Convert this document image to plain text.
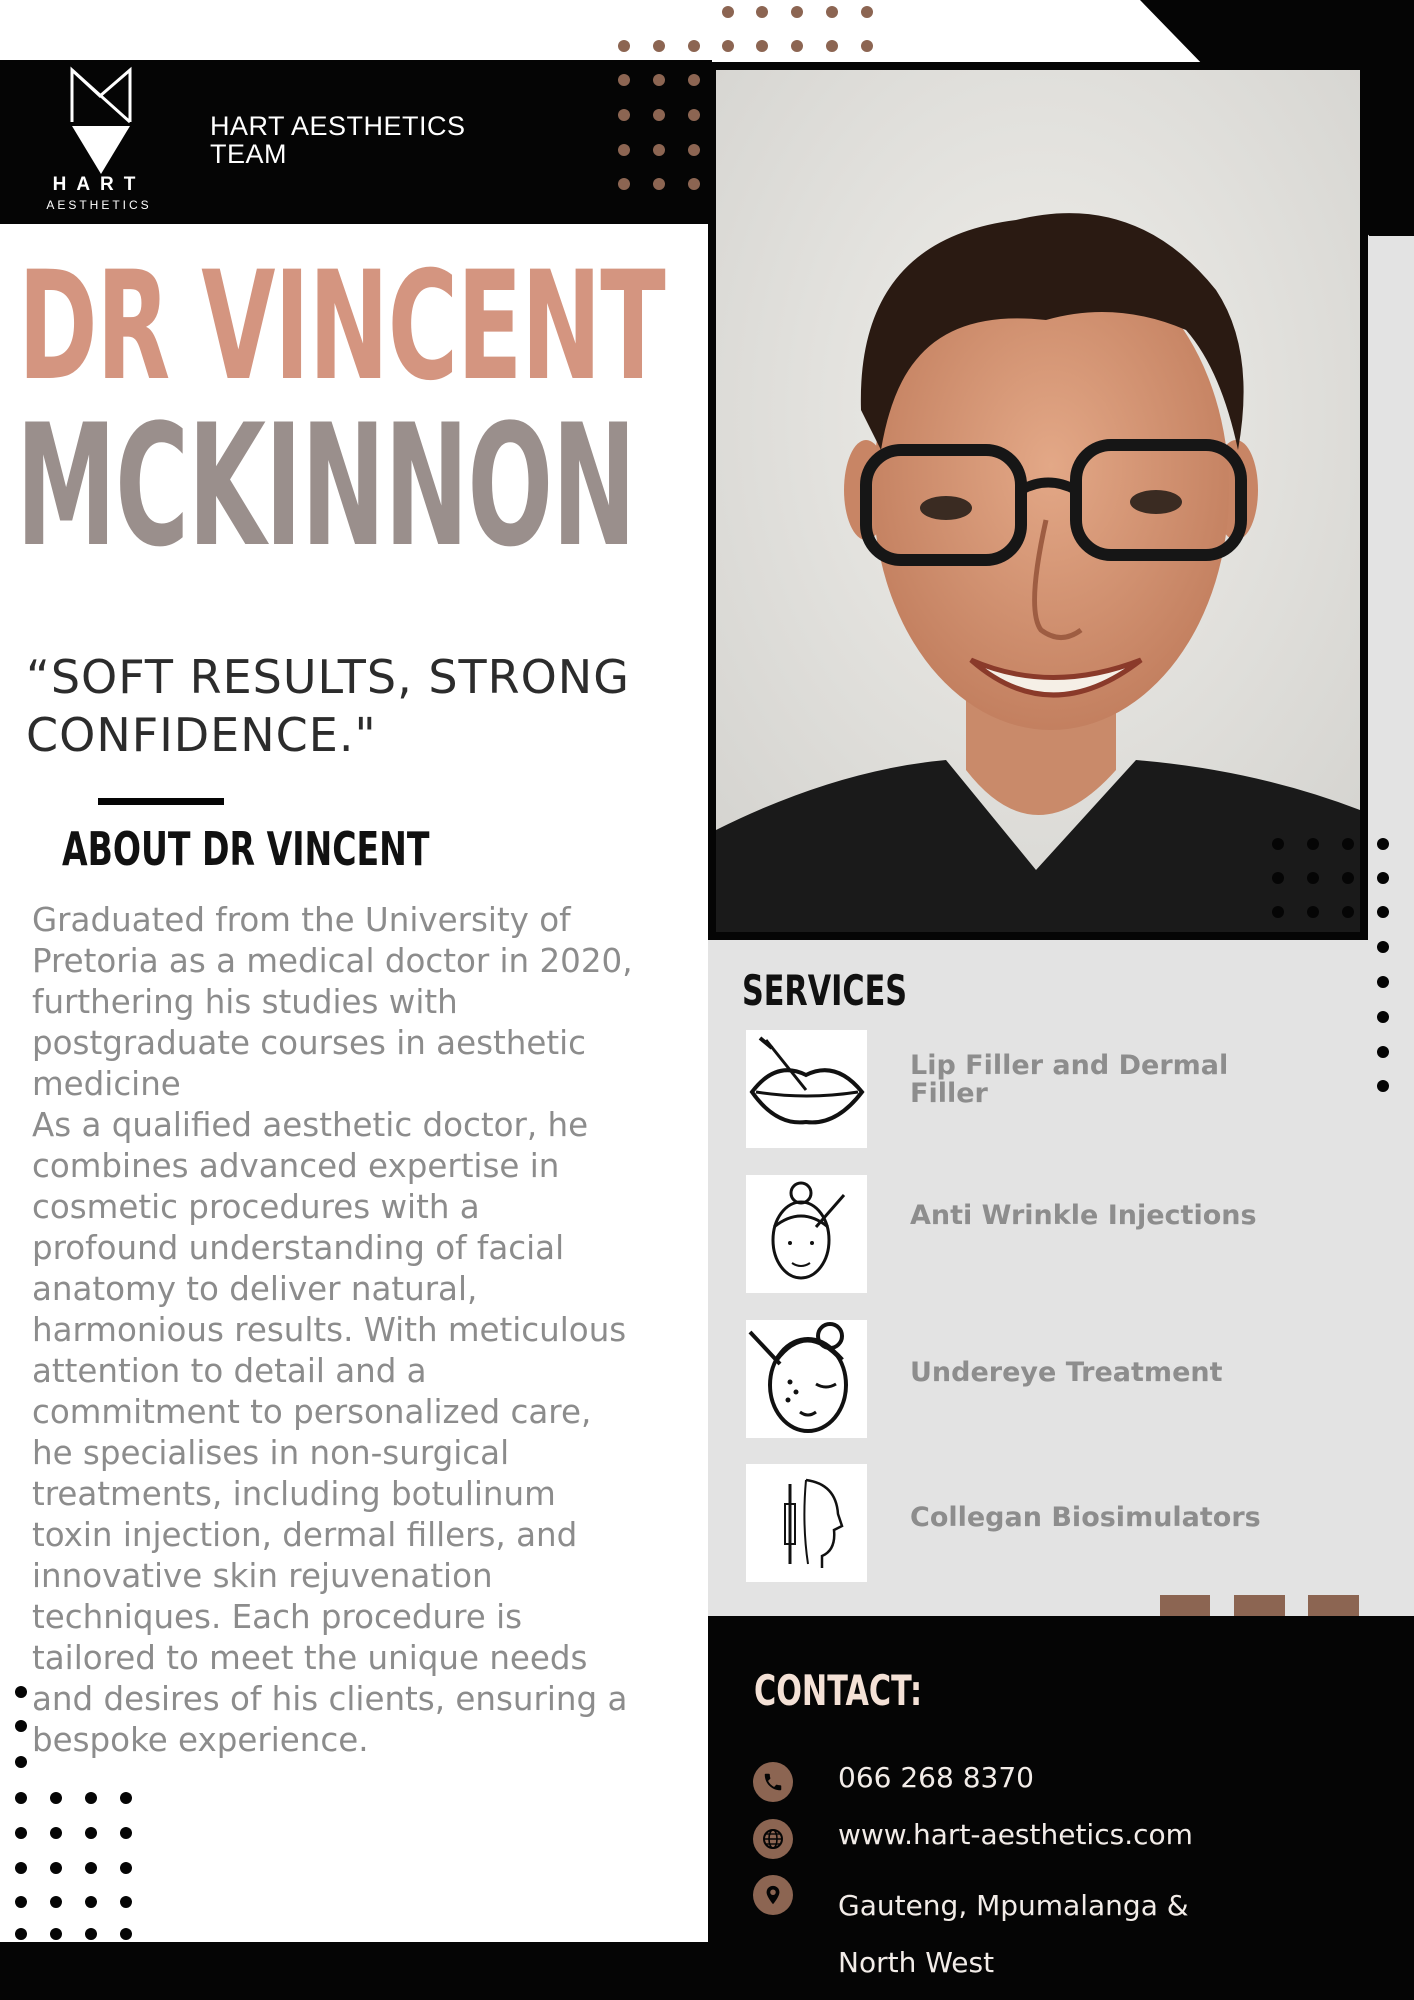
HART
AESTHETICS
HART AESTHETICS
TEAM
DR VINCENT
MCKINNON
“SOFT RESULTS, STRONG
CONFIDENCE."
ABOUT DR VINCENT
Graduated from the University of
Pretoria as a medical doctor in 2020,
furthering his studies with
postgraduate courses in aesthetic
medicine
As a qualified aesthetic doctor, he
combines advanced expertise in
cosmetic procedures with a
profound understanding of facial
anatomy to deliver natural,
harmonious results. With meticulous
attention to detail and a
commitment to personalized care,
he specialises in non-surgical
treatments, including botulinum
toxin injection, dermal fillers, and
innovative skin rejuvenation
techniques. Each procedure is
tailored to meet the unique needs
and desires of his clients, ensuring a
bespoke experience.
SERVICES
Lip Filler and Dermal
Filler
Anti Wrinkle Injections
Undereye Treatment
Collegan Biosimulators
CONTACT:
066 268 8370
www.hart-aesthetics.com
Gauteng, Mpumalanga &
North West
